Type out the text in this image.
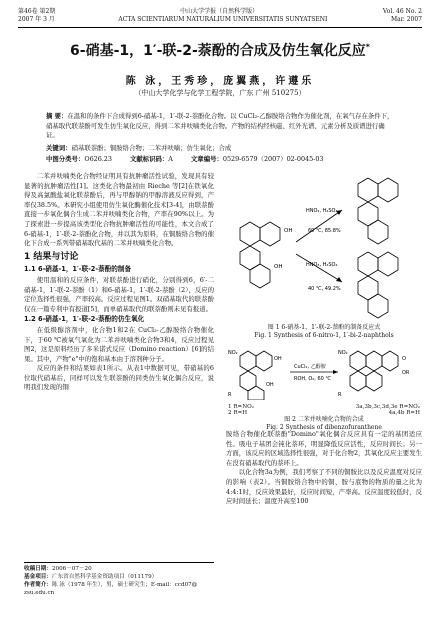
第46卷 第2期	中山大学学报（自然科学版）	Vol. 46 No. 2
2007 年 3 月	ACTA SCIENTIARUM NATURALIUM UNIVERSITATIS SUNYATSENI	Mar. 2007
6-硝基-1，1′-联-2-萘酚的合成及仿生氧化反应*
陈 泳，王秀珍，庞翼燕，许遵乐
（中山大学化学与化学工程学院，广东 广州 510275）
摘 要：在温和的条件下合成得到6-硝基-1，1′-联-2-萘酚化合物。以 CuCl₂-乙醇胺络合物作为催化剂，在氧气存在条件下，硝基取代联萘酚可发生仿生氧化反应，得到二苯并呋喃类化合物。产物的结构经核磁、红外光谱、元素分析及质谱进行确证。
关键词：硝基联萘酚；铜胺络合物；二苯并呋喃；仿生氧化；合成
中图分类号：O626.23	文献标识码：A	文章编号：0529-6579（2007）02-0045-03

二苯并呋喃类化合物经证明具有抗肿瘤活性试验，发现具有较显著的抗肿瘤活性[1]。这类化合物最初由 Rieche 等[2]在铁氧化得及高氯酸盐氧化联萘酚后，再与甲醇钠的甲醇溶液反应得到，产率仅38.5%。本研究小组使用仿生氧化酶催化技术[3-4]，由联萘酚直接一步氧化偶合生成二苯并呋喃类化合物，产率在90%以上。为了探索进一步提高该类型化合物抗肿瘤活性的可能性，本文合成了6-硝基-1，1′-联-2-萘酚化合物，并以其为原料，在铜胺络合物的催化下合成一系列带硝基取代基的二苯并呋喃类化合物。

1 结果与讨论
1.1 6-硝基-1，1′-联-2-萘酚的制备

使用温和的反应条件，对联萘酚进行硝化，分别得到6，6′-二硝基-1，1′-联-2-萘酚（1）和6-硝基-1，1′-联-2-萘酚（2），反应的定位选择性很强，产率较高。反应过程见图1。双硝基取代的联萘酚仅在一篇专利中有报道[5]，而单硝基取代的联萘酚则未见有报道。

1.2 6-硝基-1，1′-联-2-萘酚的仿生氧化

在低级醇溶剂中，化合物1和2在 CuCl₂-乙醇胺络合物催化下，于60 ℃被氧气氧化为二苯并呋喃类化合物3和4，反应过程见图2，这是原料经历了多米诺式反应（Domino reaction）[6]的结果。其中，产物"e"中的饱和基本由于溶剂种分子。

反应的条件和结果如表1所示。从表1中数据可见，带硝基的6位取代硝基后，同样可以发生联萘酚的同类仿生氧化偶合反应，说明我们发现的铜

OH
OH
HNO₃, H₂SO₄
60 ℃, 85.8%
HNO₃, H₂SO₄
40 ℃, 49.2%
图 1 6-硝基-1，1′-联-2-萘酚的制备反应式
Fig. 1 Synthesis of 6-nitro-1, 1′-bi-2-naphthols
NO₂
OH
OH
R
CuCl₂, 乙醇胺
ROH, O₂, 60 ℃
O
OR
NO₂
R
1 R=NO₂	3a,3b,3c,3d,3e R=NO₂
2 R=H	4a,4b R=H
图 2 二苯并呋喃化合物的合成
Fig. 2 Synthesis of dibenzofuranthene

胺络合物催化联萘酚"Domino"氧化偶合反应具有一定的基团适应性。吸电子基团会钝化萘环，明显降低反应活性，反应时间长；另一方面，该反应的区域选择性很强，对于化合物2，其氧化反应主要发生在没有硝基取代的萘环上。

以化合物3a为例，我们考察了不同的铜胺比以及反应温度对反应的影响（表2）。当铜胺络合物中的铜、胺与底物的物质的量之比为4:4:1时，反应效果最好，反应时间短，产率高。反应温度较低时，反应时间延长；温度升高至100

收稿日期：2006－07－20
基金项目：广东省自然科学基金资助项目（011179）
作者简介：陈 泳（1978 年生），男，硕士研究生；E-mail：ccd07@ zsu.edu.cn
